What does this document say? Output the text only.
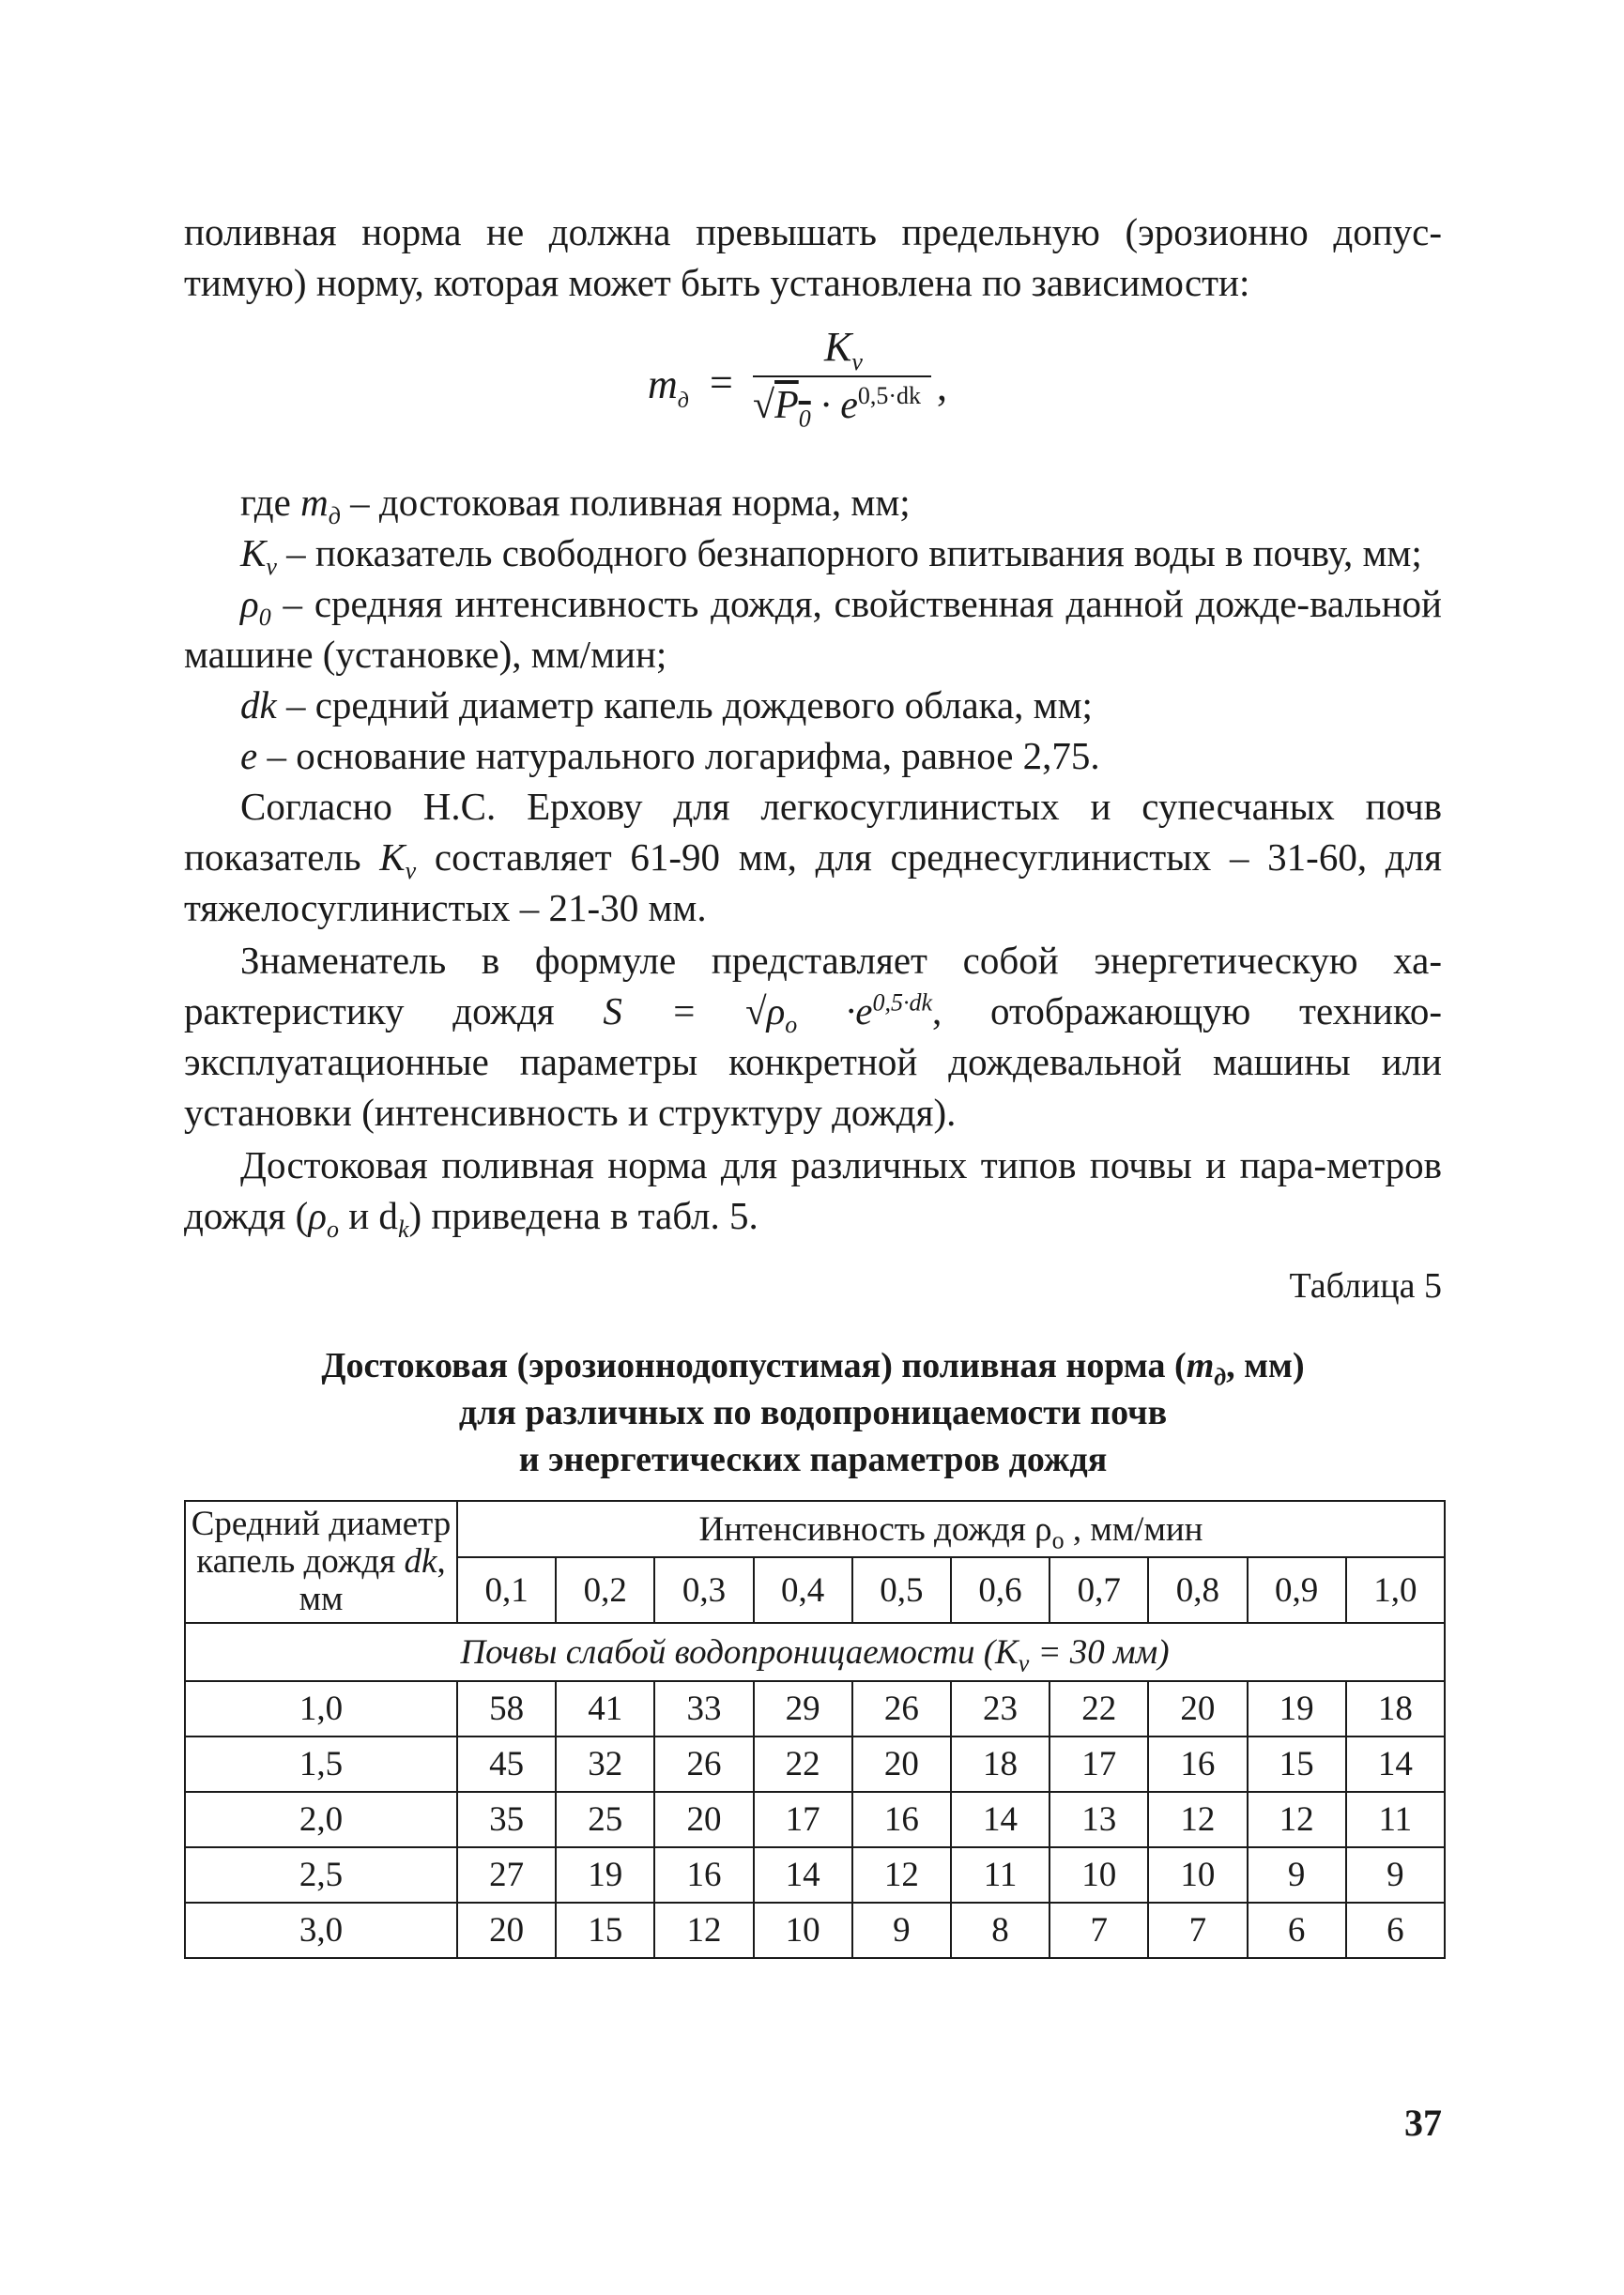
поливная норма не должна превышать предельную (эрозионно допус-

тимую) норму, которая может быть установлена по зависимости:

$m_д$ =
$K_v$
$√P_0 \cdot e^{0,5\cdot dk}$ ,

где $m_д$ – достоковая поливная норма, мм;

$K_v$ – показатель свободного безнапорного впитывания воды в почву, мм;

$\rho_0$ – средняя интенсивность дождя, свойственная данной дожде-вальной машине (установке), мм/мин;

dk – средний диаметр капель дождевого облака, мм;

e – основание натурального логарифма, равное 2,75.

Согласно Н.С. Ерхову для легкосуглинистых и супесчаных почв показатель $K_v$ составляет 61-90 мм, для среднесуглинистых – 31-60, для тяжелосуглинистых – 21-30 мм.

Знаменатель в формуле представляет собой энергетическую ха-рактеристику дождя $S = √\rho_o \cdot e^{0,5\cdot dk}$, отображающую технико-эксплуатационные параметры конкретной дождевальной машины или установки (интенсивность и структуру дождя).

Достоковая поливная норма для различных типов почвы и пара-метров дождя ($\rho_o$ и $d_k$) приведена в табл. 5.

Таблица 5
Достоковая (эрозионнодопустимая) поливная норма ($m_д$, мм)
для различных по водопроницаемости почв
и энергетических параметров дождя
Средний диаметр капель дождя dk, мм	Интенсивность дождя $\rho_o$ , мм/мин									
	0,1	0,2	0,3	0,4	0,5	0,6	0,7	0,8	0,9	1,0
Почвы слабой водопроницаемости ($K_v = 30$ мм)										
1,0	58	41	33	29	26	23	22	20	19	18
1,5	45	32	26	22	20	18	17	16	15	14
2,0	35	25	20	17	16	14	13	12	12	11
2,5	27	19	16	14	12	11	10	10	9	9
3,0	20	15	12	10	9	8	7	7	6	6
37
